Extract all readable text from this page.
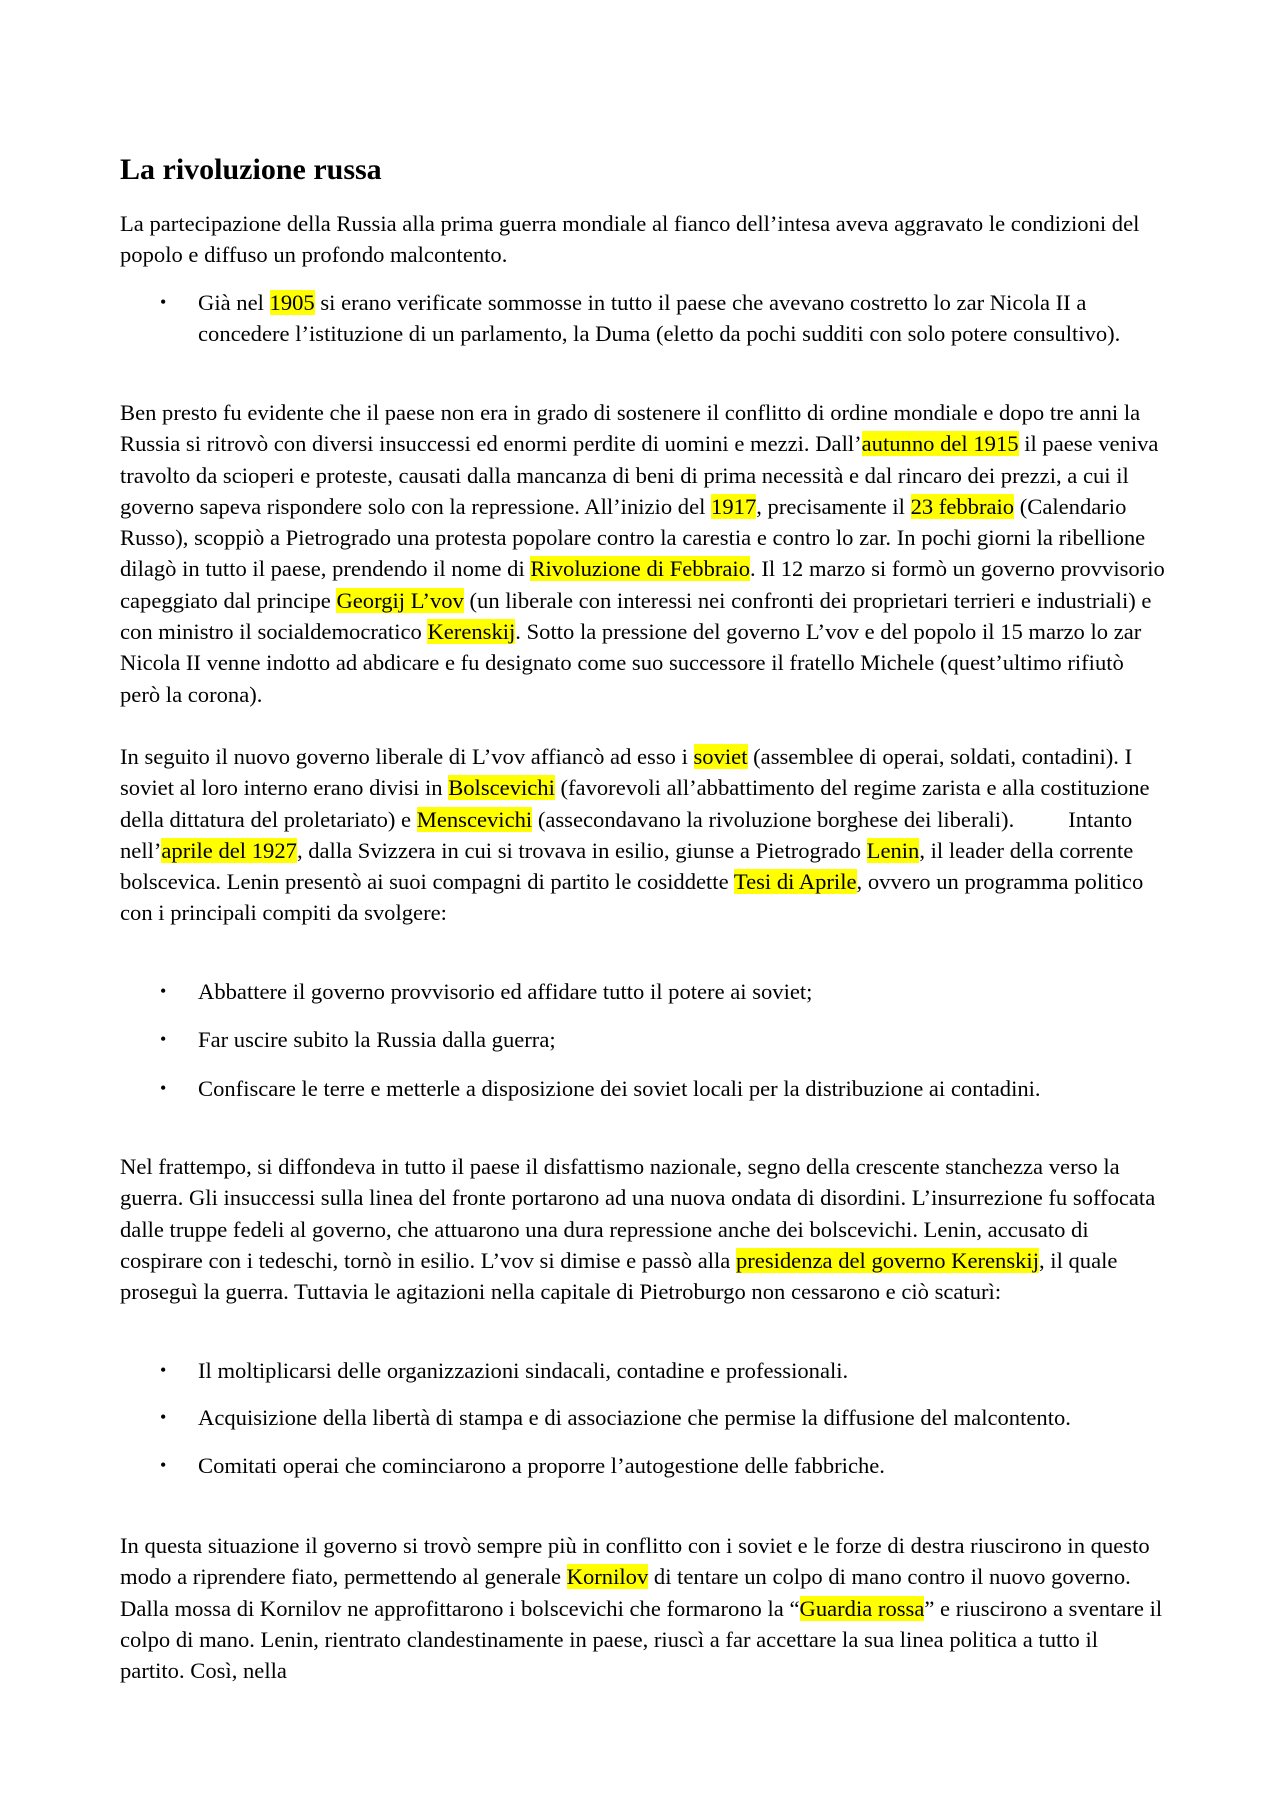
La rivoluzione russa

La partecipazione della Russia alla prima guerra mondiale al fianco dell’intesa aveva aggravato le condizioni del popolo e diffuso un profondo malcontento.

• Già nel 1905 si erano verificate sommosse in tutto il paese che avevano costretto lo zar Nicola II a concedere l’istituzione di un parlamento, la Duma (eletto da pochi sudditi con solo potere consultivo).

Ben presto fu evidente che il paese non era in grado di sostenere il conflitto di ordine mondiale e dopo tre anni la Russia si ritrovò con diversi insuccessi ed enormi perdite di uomini e mezzi. Dall’autunno del 1915 il paese veniva travolto da scioperi e proteste, causati dalla mancanza di beni di prima necessità e dal rincaro dei prezzi, a cui il governo sapeva rispondere solo con la repressione. All’inizio del 1917, precisamente il 23 febbraio (Calendario Russo), scoppiò a Pietrogrado una protesta popolare contro la carestia e contro lo zar. In pochi giorni la ribellione dilagò in tutto il paese, prendendo il nome di Rivoluzione di Febbraio. Il 12 marzo si formò un governo provvisorio capeggiato dal principe Georgij L’vov (un liberale con interessi nei confronti dei proprietari terrieri e industriali) e con ministro il socialdemocratico Kerenskij. Sotto la pressione del governo L’vov e del popolo il 15 marzo lo zar Nicola II venne indotto ad abdicare e fu designato come suo successore il fratello Michele (quest’ultimo rifiutò però la corona).

In seguito il nuovo governo liberale di L’vov affiancò ad esso i soviet (assemblee di operai, soldati, contadini). I soviet al loro interno erano divisi in Bolscevichi (favorevoli all’abbattimento del regime zarista e alla costituzione della dittatura del proletariato) e Menscevichi (assecondavano la rivoluzione borghese dei liberali). Intanto nell’aprile del 1927, dalla Svizzera in cui si trovava in esilio, giunse a Pietrogrado Lenin, il leader della corrente bolscevica. Lenin presentò ai suoi compagni di partito le cosiddette Tesi di Aprile, ovvero un programma politico con i principali compiti da svolgere:

• Abbattere il governo provvisorio ed affidare tutto il potere ai soviet;
• Far uscire subito la Russia dalla guerra;
• Confiscare le terre e metterle a disposizione dei soviet locali per la distribuzione ai contadini.

Nel frattempo, si diffondeva in tutto il paese il disfattismo nazionale, segno della crescente stanchezza verso la guerra. Gli insuccessi sulla linea del fronte portarono ad una nuova ondata di disordini. L’insurrezione fu soffocata dalle truppe fedeli al governo, che attuarono una dura repressione anche dei bolscevichi. Lenin, accusato di cospirare con i tedeschi, tornò in esilio. L’vov si dimise e passò alla presidenza del governo Kerenskij, il quale proseguì la guerra. Tuttavia le agitazioni nella capitale di Pietroburgo non cessarono e ciò scaturì:

• Il moltiplicarsi delle organizzazioni sindacali, contadine e professionali.
• Acquisizione della libertà di stampa e di associazione che permise la diffusione del malcontento.
• Comitati operai che cominciarono a proporre l’autogestione delle fabbriche.

In questa situazione il governo si trovò sempre più in conflitto con i soviet e le forze di destra riuscirono in questo modo a riprendere fiato, permettendo al generale Kornilov di tentare un colpo di mano contro il nuovo governo. Dalla mossa di Kornilov ne approfittarono i bolscevichi che formarono la “Guardia rossa” e riuscirono a sventare il colpo di mano. Lenin, rientrato clandestinamente in paese, riuscì a far accettare la sua linea politica a tutto il partito. Così, nella
